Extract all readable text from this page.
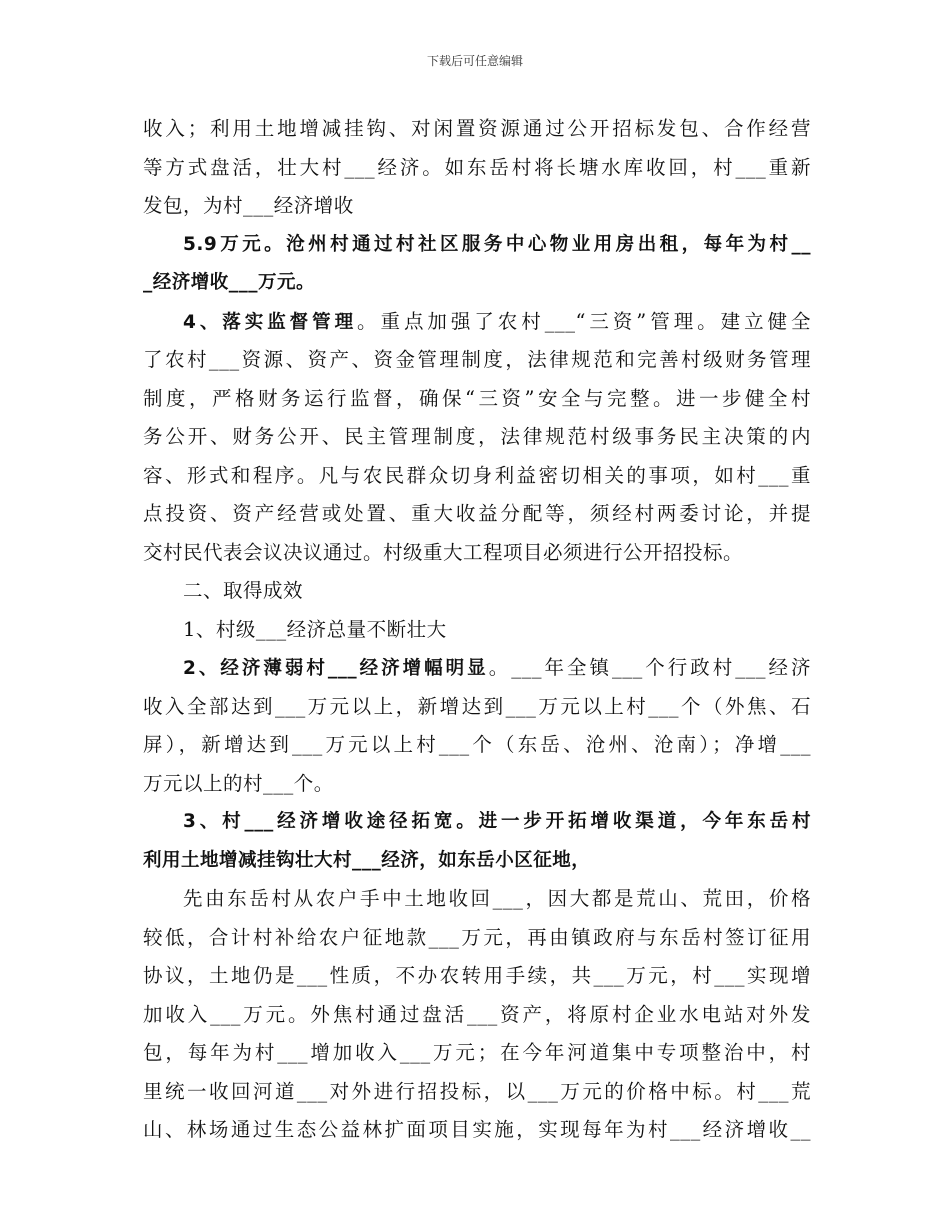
下载后可任意编辑
收入；利用土地增减挂钩、对闲置资源通过公开招标发包、合作经营
等方式盘活，壮大村___经济。如东岳村将长塘水库收回，村___重新
发包，为村___经济增收
5.9万元。沧州村通过村社区服务中心物业用房出租，每年为村__
_经济增收___万元。
4、落实监督管理。重点加强了农村___“三资”管理。建立健全
了农村___资源、资产、资金管理制度，法律规范和完善村级财务管理
制度，严格财务运行监督，确保“三资”安全与完整。进一步健全村
务公开、财务公开、民主管理制度，法律规范村级事务民主决策的内
容、形式和程序。凡与农民群众切身利益密切相关的事项，如村___重
点投资、资产经营或处置、重大收益分配等，须经村两委讨论，并提
交村民代表会议决议通过。村级重大工程项目必须进行公开招投标。
二、取得成效
1、村级___经济总量不断壮大
2、经济薄弱村___经济增幅明显。___年全镇___个行政村___经济
收入全部达到___万元以上，新增达到___万元以上村___个（外焦、石
屏），新增达到___万元以上村___个（东岳、沧州、沧南）；净增___
万元以上的村___个。
3、村___经济增收途径拓宽。进一步开拓增收渠道，今年东岳村
利用土地增减挂钩壮大村___经济，如东岳小区征地，
先由东岳村从农户手中土地收回___，因大都是荒山、荒田，价格
较低，合计村补给农户征地款___万元，再由镇政府与东岳村签订征用
协议，土地仍是___性质，不办农转用手续，共___万元，村___实现增
加收入___万元。外焦村通过盘活___资产，将原村企业水电站对外发
包，每年为村___增加收入___万元；在今年河道集中专项整治中，村
里统一收回河道___对外进行招投标，以___万元的价格中标。村___荒
山、林场通过生态公益林扩面项目实施，实现每年为村___经济增收__
